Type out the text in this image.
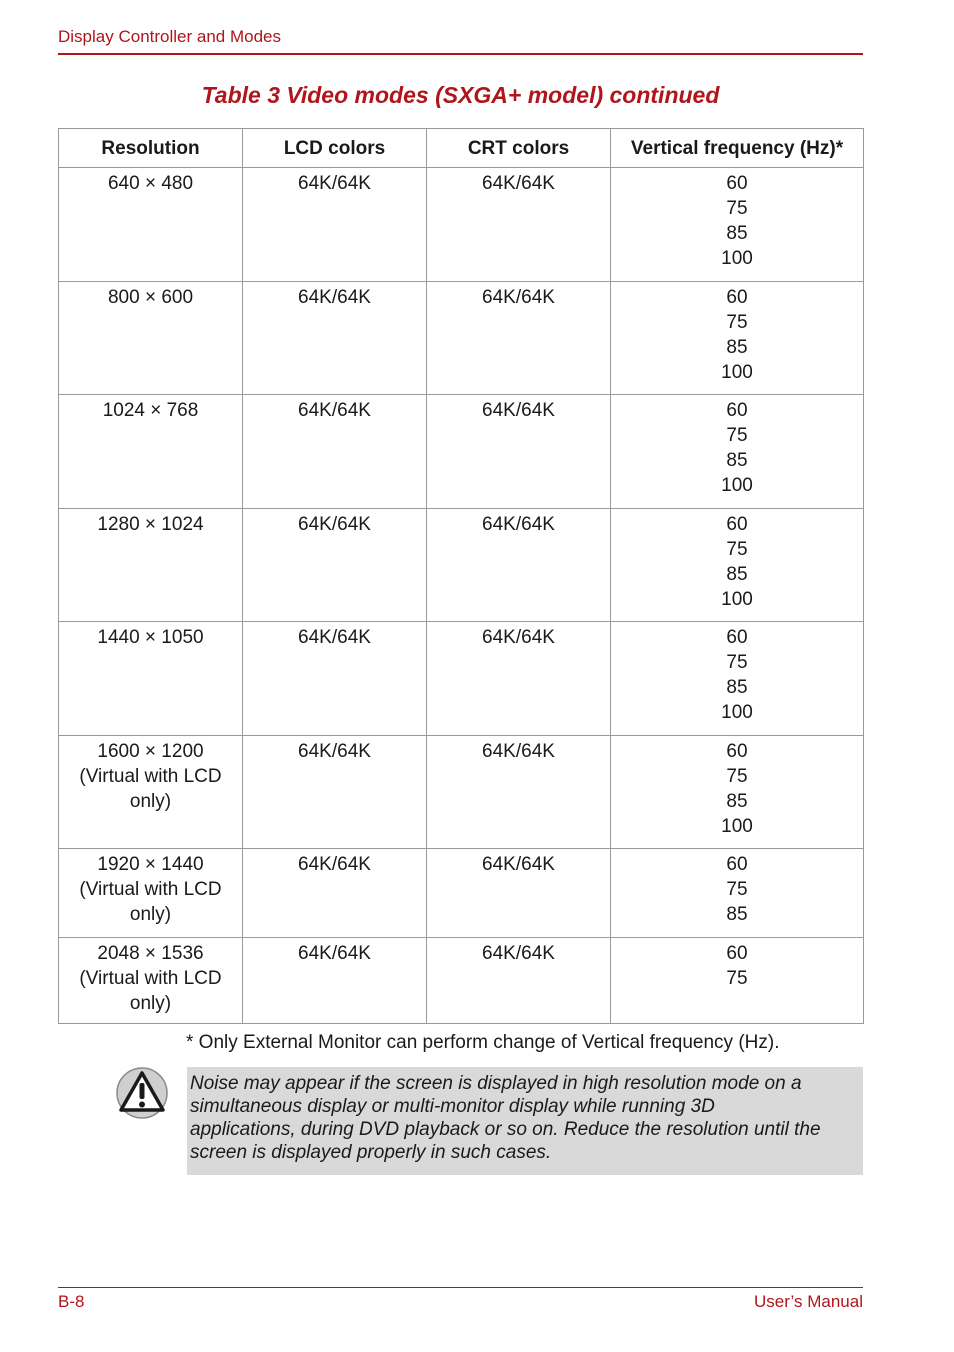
Display Controller and Modes
Table 3 Video modes (SXGA+ model) continued
Resolution	LCD colors	CRT colors	Vertical frequency (Hz)*

640 × 480	64K/64K	64K/64K	60
75
85
100

800 × 600	64K/64K	64K/64K	60
75
85
100

1024 × 768	64K/64K	64K/64K	60
75
85
100

1280 × 1024	64K/64K	64K/64K	60
75
85
100

1440 × 1050	64K/64K	64K/64K	60
75
85
100

1600 × 1200
(Virtual with LCD
only)	64K/64K	64K/64K	60
75
85
100

1920 × 1440
(Virtual with LCD
only)	64K/64K	64K/64K	60
75
85

2048 × 1536
(Virtual with LCD
only)	64K/64K	64K/64K	60
75
* Only External Monitor can perform change of Vertical frequency (Hz).
Noise may appear if the screen is displayed in high resolution mode on a
simultaneous display or multi-monitor display while running 3D
applications, during DVD playback or so on. Reduce the resolution until the
screen is displayed properly in such cases.
B-8	User’s Manual
